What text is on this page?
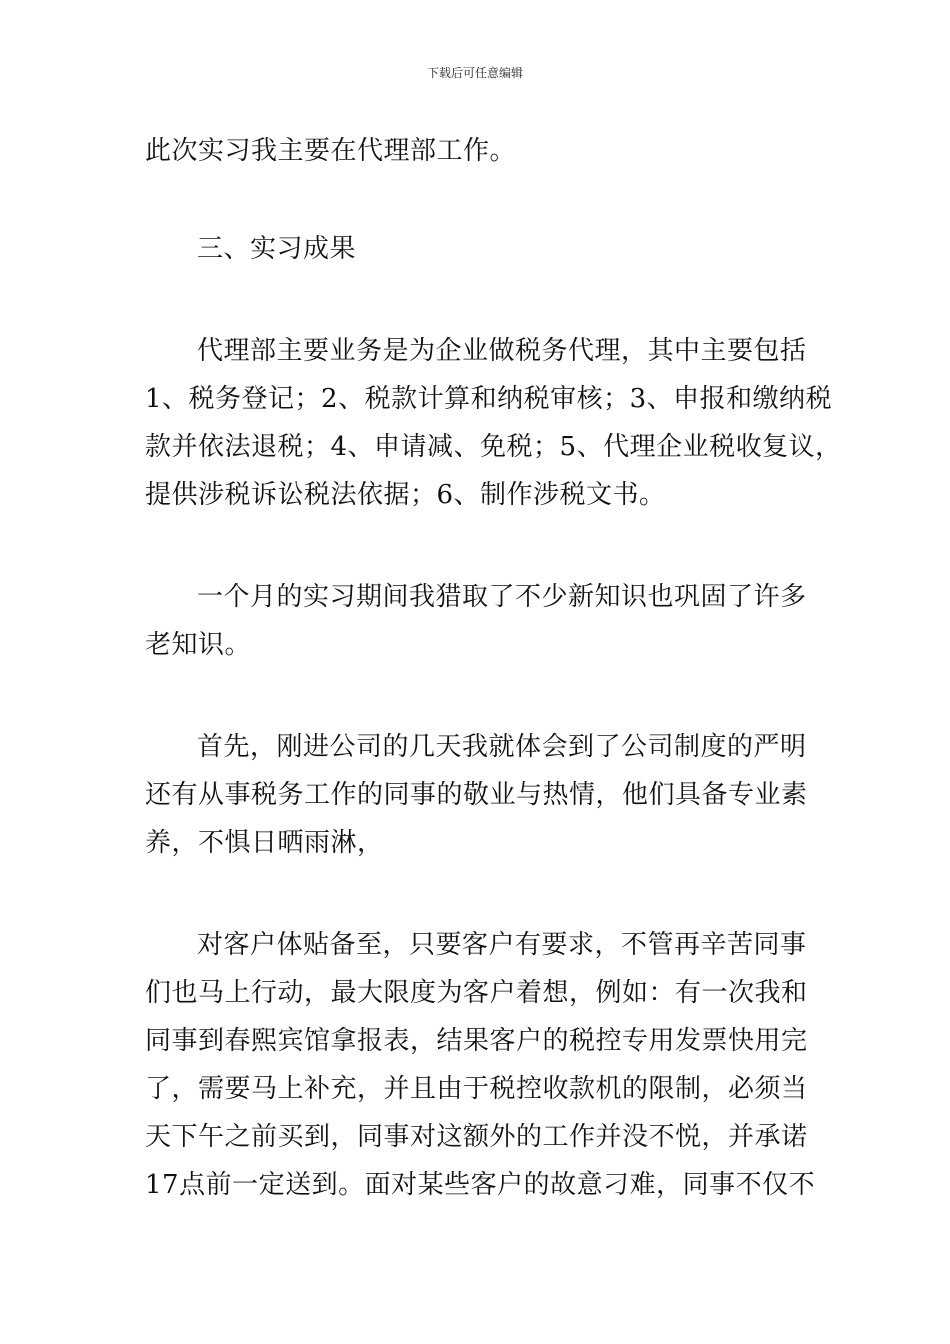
下载后可任意编辑
此次实习我主要在代理部工作。
三、实习成果
代理部主要业务是为企业做税务代理，其中主要包括
1、税务登记；2、税款计算和纳税审核；3、申报和缴纳税
款并依法退税；4、申请减、免税；5、代理企业税收复议，
提供涉税诉讼税法依据；6、制作涉税文书。
一个月的实习期间我猎取了不少新知识也巩固了许多
老知识。
首先，刚进公司的几天我就体会到了公司制度的严明
还有从事税务工作的同事的敬业与热情，他们具备专业素
养，不惧日晒雨淋，
对客户体贴备至，只要客户有要求，不管再辛苦同事
们也马上行动，最大限度为客户着想，例如：有一次我和
同事到春熙宾馆拿报表，结果客户的税控专用发票快用完
了，需要马上补充，并且由于税控收款机的限制，必须当
天下午之前买到，同事对这额外的工作并没不悦，并承诺
17点前一定送到。面对某些客户的故意刁难，同事不仅不
